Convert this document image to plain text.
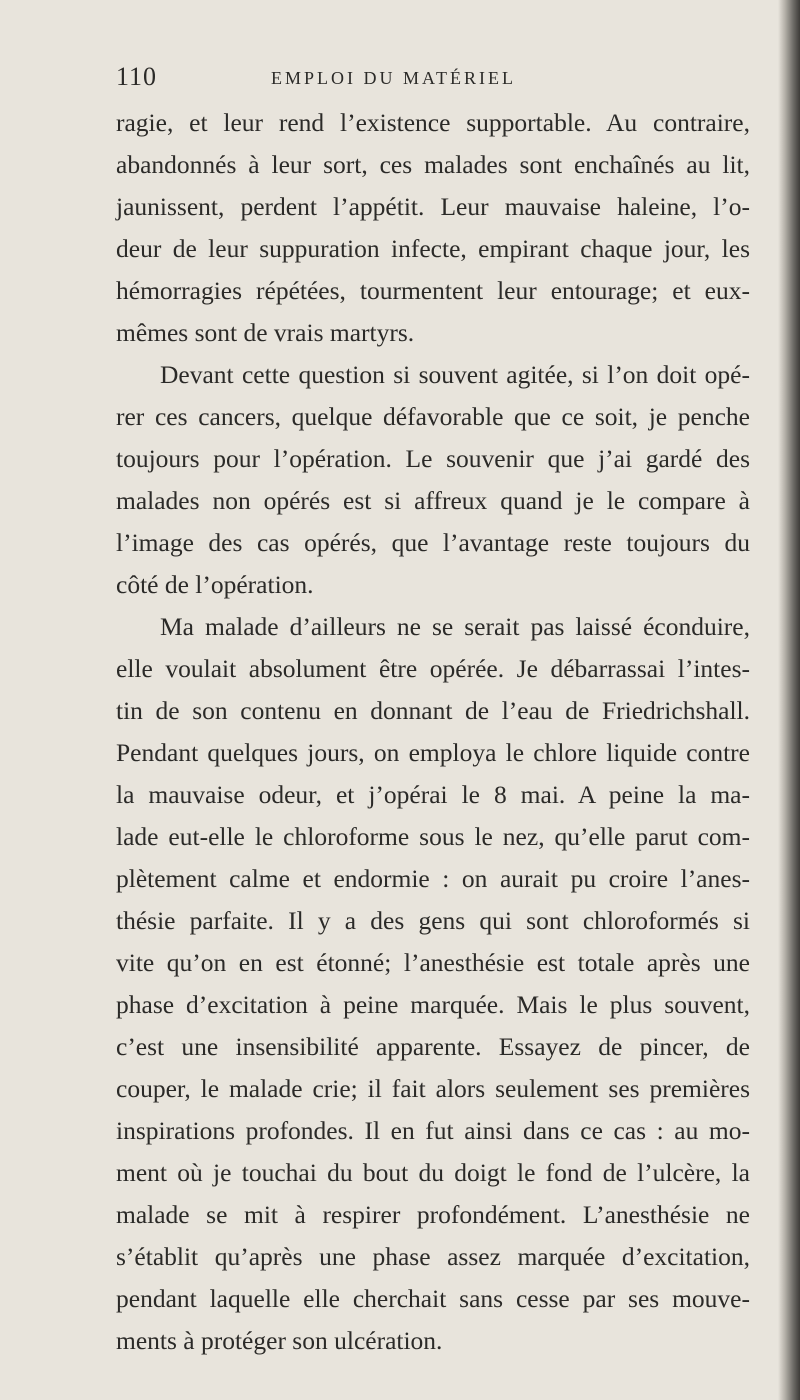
110	EMPLOI DU MATÉRIEL
ragie, et leur rend l’existence supportable. Au contraire,
abandonnés à leur sort, ces malades sont enchaînés au lit,
jaunissent, perdent l’appétit. Leur mauvaise haleine, l’o-
deur de leur suppuration infecte, empirant chaque jour, les
hémorragies répétées, tourmentent leur entourage; et eux-
mêmes sont de vrais martyrs.
Devant cette question si souvent agitée, si l’on doit opé-
rer ces cancers, quelque défavorable que ce soit, je penche
toujours pour l’opération. Le souvenir que j’ai gardé des
malades non opérés est si affreux quand je le compare à
l’image des cas opérés, que l’avantage reste toujours du
côté de l’opération.
Ma malade d’ailleurs ne se serait pas laissé éconduire,
elle voulait absolument être opérée. Je débarrassai l’intes-
tin de son contenu en donnant de l’eau de Friedrichshall.
Pendant quelques jours, on employa le chlore liquide contre
la mauvaise odeur, et j’opérai le 8 mai. A peine la ma-
lade eut-elle le chloroforme sous le nez, qu’elle parut com-
plètement calme et endormie : on aurait pu croire l’anes-
thésie parfaite. Il y a des gens qui sont chloroformés si
vite qu’on en est étonné; l’anesthésie est totale après une
phase d’excitation à peine marquée. Mais le plus souvent,
c’est une insensibilité apparente. Essayez de pincer, de
couper, le malade crie; il fait alors seulement ses premières
inspirations profondes. Il en fut ainsi dans ce cas : au mo-
ment où je touchai du bout du doigt le fond de l’ulcère, la
malade se mit à respirer profondément. L’anesthésie ne
s’établit qu’après une phase assez marquée d’excitation,
pendant laquelle elle cherchait sans cesse par ses mouve-
ments à protéger son ulcération.
